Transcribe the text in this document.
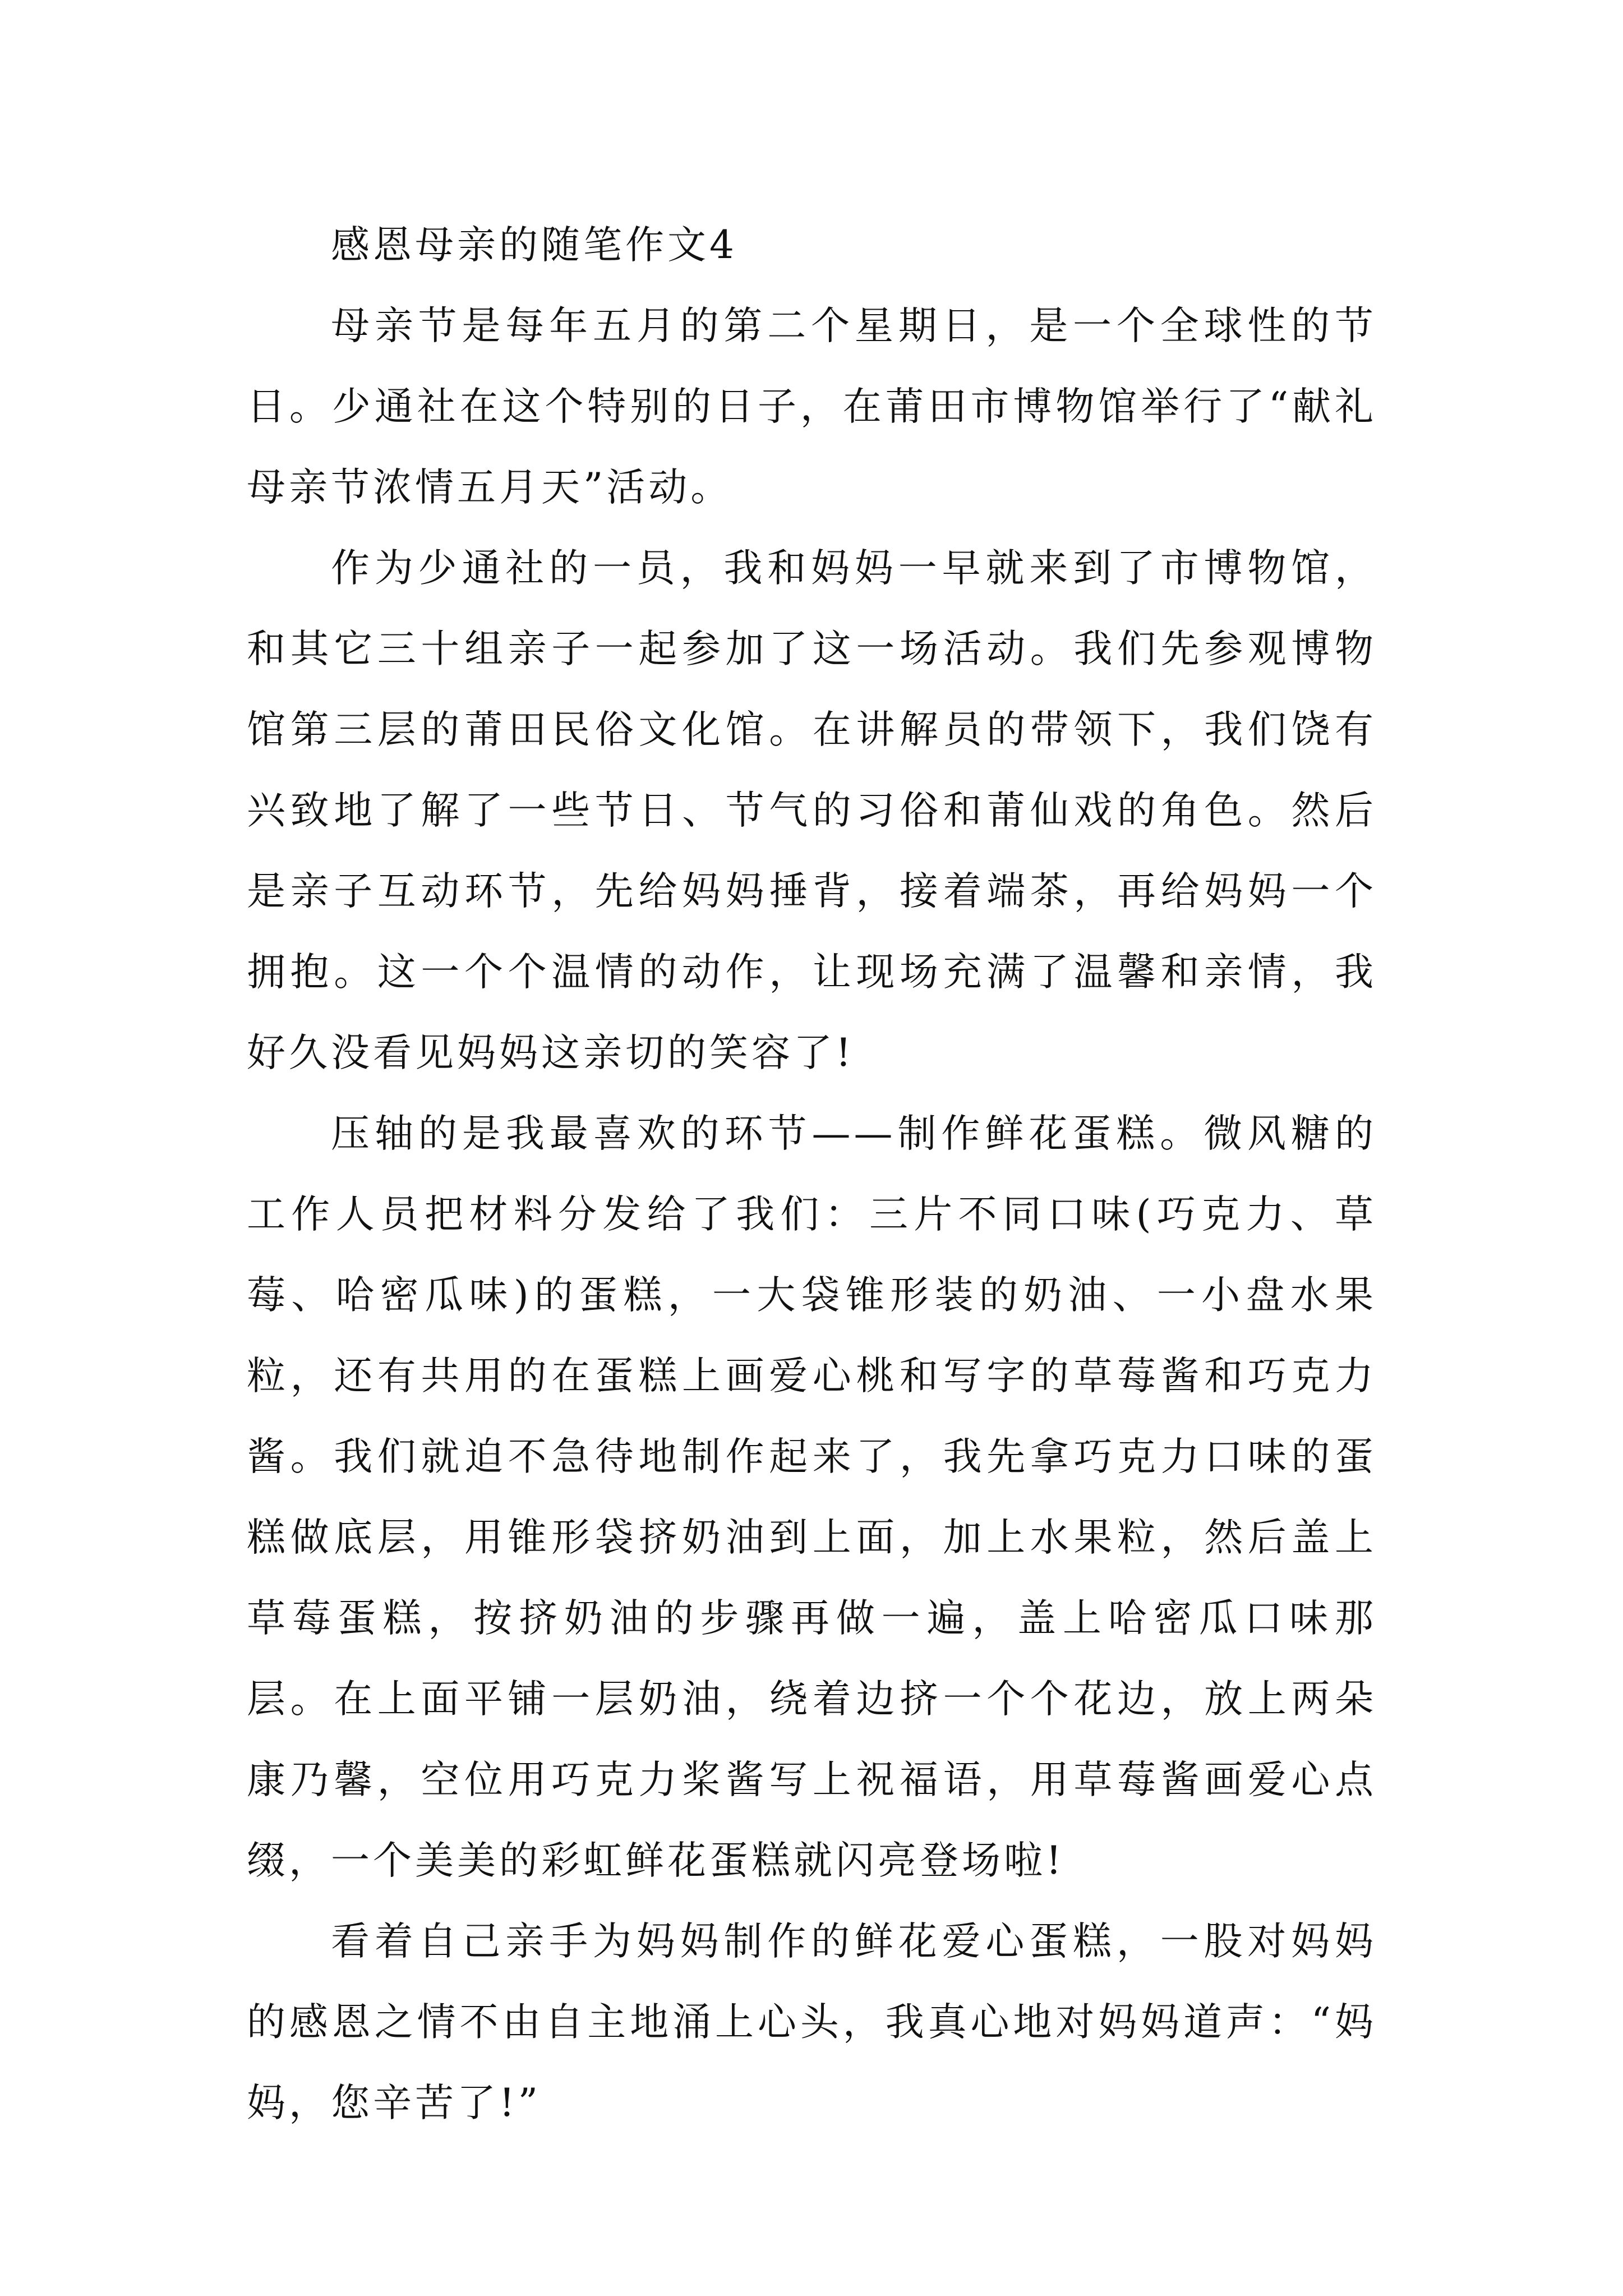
感恩母亲的随笔作文4

母亲节是每年五月的第二个星期日，是一个全球性的节日。少通社在这个特别的日子，在莆田市博物馆举行了“献礼母亲节浓情五月天”活动。

作为少通社的一员，我和妈妈一早就来到了市博物馆，和其它三十组亲子一起参加了这一场活动。我们先参观博物馆第三层的莆田民俗文化馆。在讲解员的带领下，我们饶有兴致地了解了一些节日、节气的习俗和莆仙戏的角色。然后是亲子互动环节，先给妈妈捶背，接着端茶，再给妈妈一个拥抱。这一个个温情的动作，让现场充满了温馨和亲情，我好久没看见妈妈这亲切的笑容了!

压轴的是我最喜欢的环节——制作鲜花蛋糕。微风糖的工作人员把材料分发给了我们：三片不同口味(巧克力、草莓、哈密瓜味)的蛋糕，一大袋锥形装的奶油、一小盘水果粒，还有共用的在蛋糕上画爱心桃和写字的草莓酱和巧克力酱。我们就迫不急待地制作起来了，我先拿巧克力口味的蛋糕做底层，用锥形袋挤奶油到上面，加上水果粒，然后盖上草莓蛋糕，按挤奶油的步骤再做一遍，盖上哈密瓜口味那层。在上面平铺一层奶油，绕着边挤一个个花边，放上两朵康乃馨，空位用巧克力桨酱写上祝福语，用草莓酱画爱心点缀，一个美美的彩虹鲜花蛋糕就闪亮登场啦!

看着自己亲手为妈妈制作的鲜花爱心蛋糕，一股对妈妈的感恩之情不由自主地涌上心头，我真心地对妈妈道声：“妈妈，您辛苦了!”
